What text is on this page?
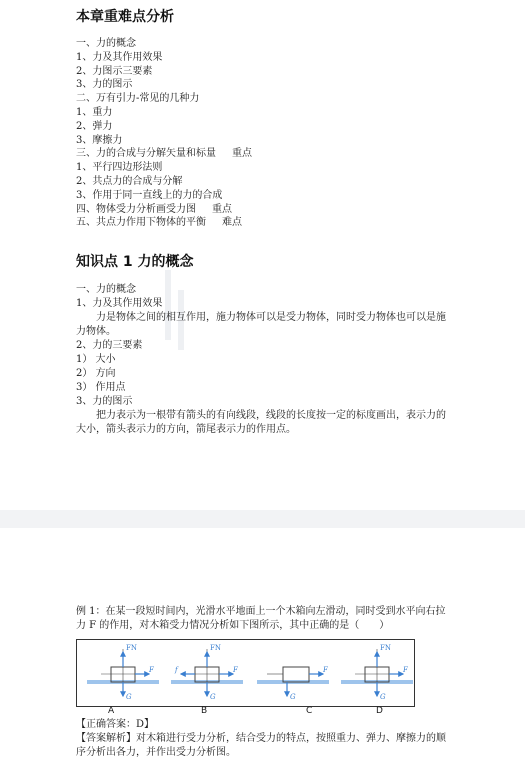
本章重难点分析
一、力的概念
1、力及其作用效果
2、力图示三要素
3、力的图示
二、万有引力-常见的几种力
1、重力
2、弹力
3、摩擦力
三、力的合成与分解矢量和标量 重点
1、平行四边形法则
2、共点力的合成与分解
3、作用于同一直线上的力的合成
四、物体受力分析画受力图 重点
五、共点力作用下物体的平衡 难点
知识点 1 力的概念
一、力的概念
1、力及其作用效果
力是物体之间的相互作用，施力物体可以是受力物体，同时受力物体也可以是施力物体。
2、力的三要素
1） 大小
2） 方向
3） 作用点
3、力的图示
把力表示为一根带有箭头的有向线段，线段的长度按一定的标度画出，表示力的大小，箭头表示力的方向，箭尾表示力的作用点。
例 1：在某一段短时间内，光滑水平地面上一个木箱向左滑动，同时受到水平向右拉力 F 的作用，对木箱受力情况分析如下图所示，其中正确的是（　　）
FN
F
G
FN
F
G
f	F
G
FN
F
G
A	B	C	D
【正确答案：D】
【答案解析】对木箱进行受力分析，结合受力的特点，按照重力、弹力、摩擦力的顺序分析出各力，并作出受力分析图。
